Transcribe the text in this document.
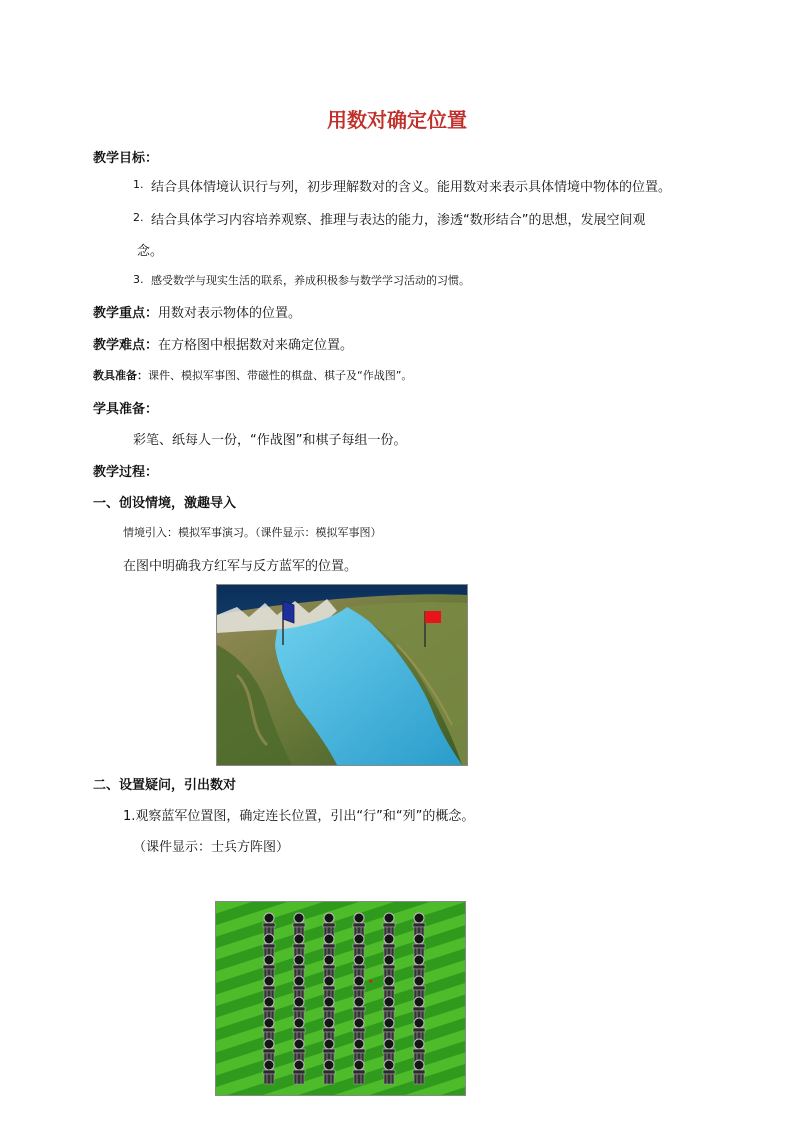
用数对确定位置
教学目标：
1. 结合具体情境认识行与列，初步理解数对的含义。能用数对来表示具体情境中物体的位置。
2. 结合具体学习内容培养观察、推理与表达的能力，渗透“数形结合”的思想，发展空间观
念。
3. 感受数学与现实生活的联系，养成积极参与数学学习活动的习惯。
教学重点：用数对表示物体的位置。
教学难点：在方格图中根据数对来确定位置。
教具准备：课件、模拟军事图、带磁性的棋盘、棋子及“作战图”。
学具准备：
彩笔、纸每人一份，“作战图”和棋子每组一份。
教学过程：
一、创设情境，激趣导入
情境引入：模拟军事演习。（课件显示：模拟军事图）
在图中明确我方红军与反方蓝军的位置。
二、设置疑问，引出数对
1.观察蓝军位置图，确定连长位置，引出“行”和“列”的概念。
（课件显示：士兵方阵图）
★
